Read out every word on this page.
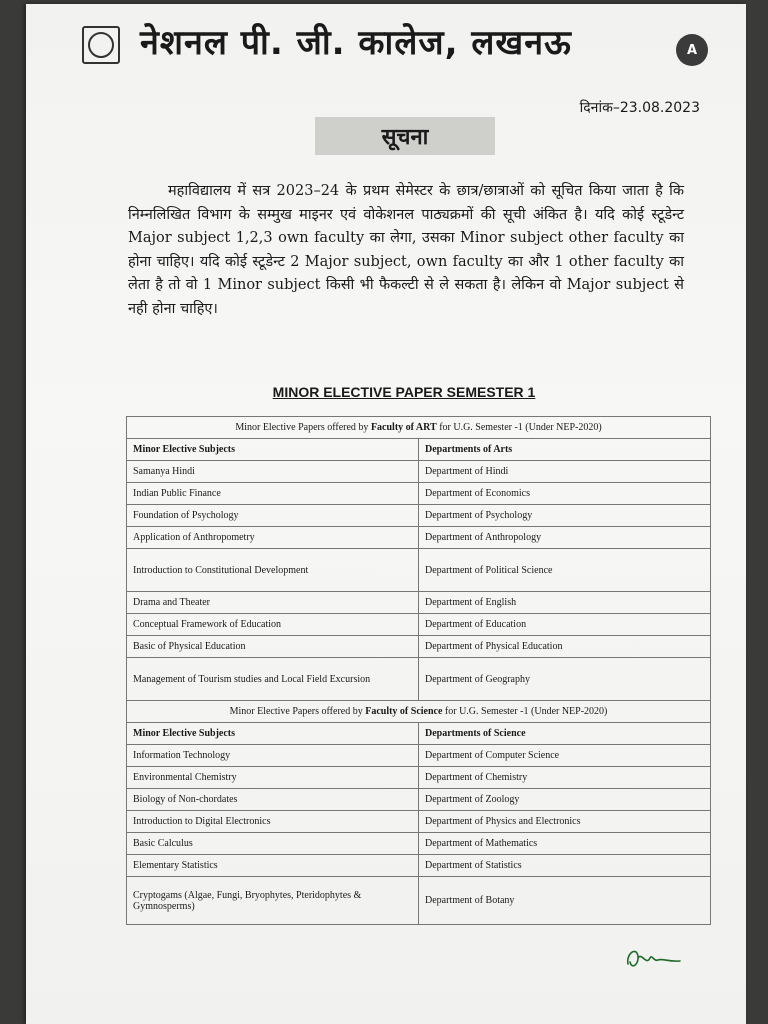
नेशनल पी. जी. कालेज, लखनऊ	A
दिनांक–23.08.2023
सूचना
महाविद्यालय में सत्र 2023–24 के प्रथम सेमेस्टर के छात्र/छात्राओं को सूचित किया जाता है कि निम्नलिखित विभाग के सम्मुख माइनर एवं वोकेशनल पाठ्यक्रमों की सूची अंकित है। यदि कोई स्टूडेन्ट Major subject 1,2,3 own faculty का लेगा, उसका Minor subject other faculty का होना चाहिए। यदि कोई स्टूडेन्ट 2 Major subject, own faculty का और 1 other faculty का लेता है तो वो 1 Minor subject किसी भी फैकल्टी से ले सकता है। लेकिन वो Major subject से नही होना चाहिए।
MINOR ELECTIVE PAPER SEMESTER 1
Minor Elective Papers offered by Faculty of ART for U.G. Semester -1 (Under NEP-2020)	
Minor Elective Subjects	Departments of Arts
Samanya Hindi	Department of Hindi
Indian Public Finance	Department of Economics
Foundation of Psychology	Department of Psychology
Application of Anthropometry	Department of Anthropology
Introduction to Constitutional Development	Department of Political Science
Drama and Theater	Department of English
Conceptual Framework of Education	Department of Education
Basic of Physical Education	Department of Physical Education
Management of Tourism studies and Local Field Excursion	Department of Geography
Minor Elective Papers offered by Faculty of Science for U.G. Semester -1 (Under NEP-2020)	
Minor Elective Subjects	Departments of Science
Information Technology	Department of Computer Science
Environmental Chemistry	Department of Chemistry
Biology of Non-chordates	Department of Zoology
Introduction to Digital Electronics	Department of Physics and Electronics
Basic Calculus	Department of Mathematics
Elementary Statistics	Department of Statistics
Cryptogams (Algae, Fungi, Bryophytes, Pteridophytes & Gymnosperms)	Department of Botany
